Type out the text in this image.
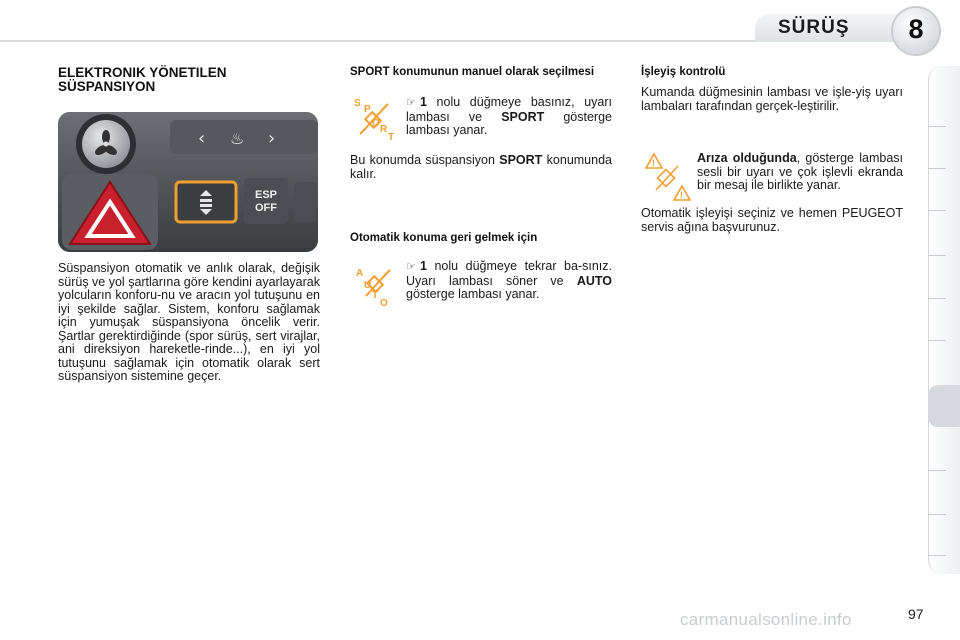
SÜRÜŞ	8
ELEKTRONIK YÖNETILEN
SÜSPANSIYON
‹ ♨ ›
ESP
OFF
Süspansiyon otomatik ve anlık olarak, değişik sürüş ve yol şartlarına göre kendini ayarlayarak yolcuların konforu-nu ve aracın yol tutuşunu en iyi şekilde sağlar. Sistem, konforu sağlamak için yumuşak süspansiyona öncelik verir. Şartlar gerektirdiğinde (spor sürüş, sert virajlar, ani direksiyon hareketle-rinde...), en iyi yol tutuşunu sağlamak için otomatik olarak sert süspansiyon sistemine geçer.
SPORT konumunun manuel olarak seçilmesi
S
P
O
R
T
☞ 1 nolu düğmeye basınız, uyarı lambası ve SPORT gösterge lambası yanar.
Bu konumda süspansiyon SPORT konumunda kalır.
Otomatik konuma geri gelmek için
A
U
T
O
☞ 1 nolu düğmeye tekrar ba-sınız. Uyarı lambası söner ve AUTO gösterge lambası yanar.
İşleyiş kontrolü
Kumanda düğmesinin lambası ve işle-yiş uyarı lambaları tarafından gerçek-leştirilir.
!
!
Arıza olduğunda, gösterge lambası sesli bir uyarı ve çok işlevli ekranda bir mesaj ile birlikte yanar.
Otomatik işleyişi seçiniz ve hemen PEUGEOT servis ağına başvurunuz.
carmanualsonline.info	97
